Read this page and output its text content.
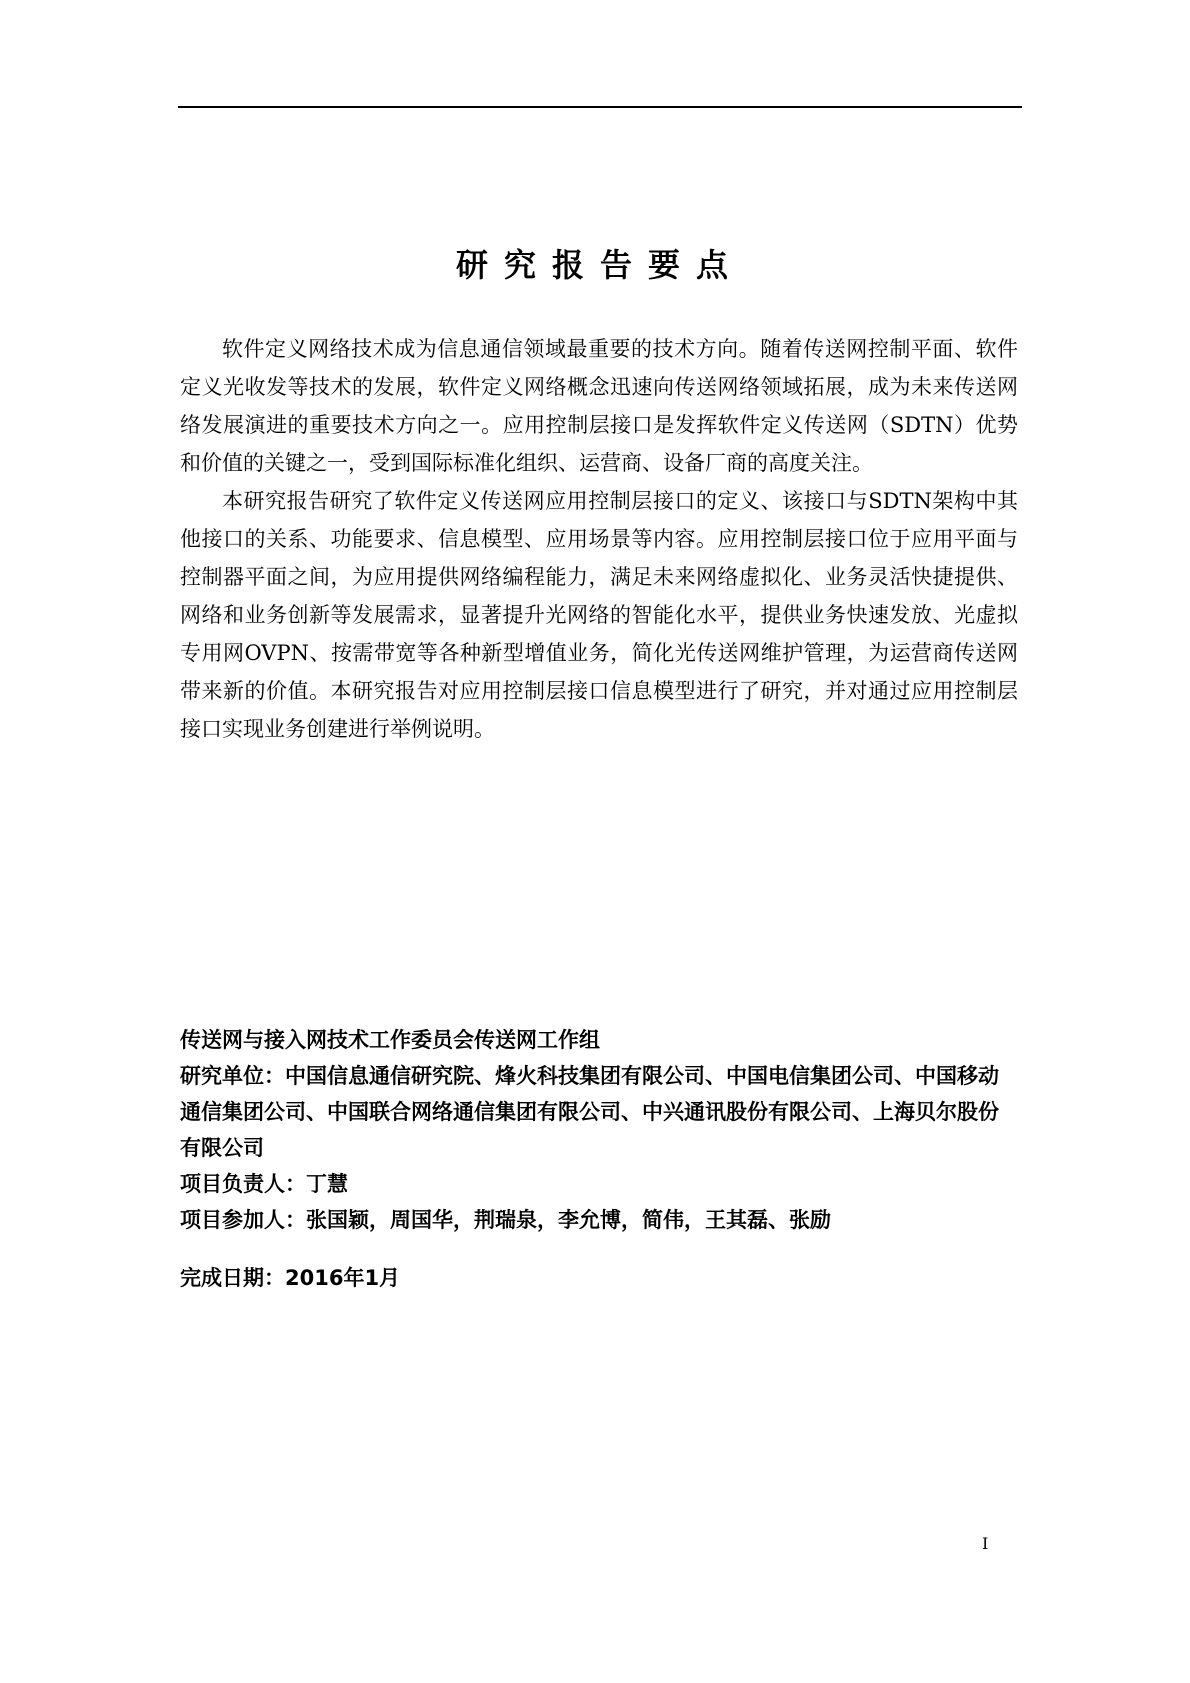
研究报告要点

软件定义网络技术成为信息通信领域最重要的技术方向。随着传送网控制平面、软件定义光收发等技术的发展，软件定义网络概念迅速向传送网络领域拓展，成为未来传送网络发展演进的重要技术方向之一。应用控制层接口是发挥软件定义传送网（SDTN）优势和价值的关键之一，受到国际标准化组织、运营商、设备厂商的高度关注。

本研究报告研究了软件定义传送网应用控制层接口的定义、该接口与SDTN架构中其他接口的关系、功能要求、信息模型、应用场景等内容。应用控制层接口位于应用平面与控制器平面之间，为应用提供网络编程能力，满足未来网络虚拟化、业务灵活快捷提供、网络和业务创新等发展需求，显著提升光网络的智能化水平，提供业务快速发放、光虚拟专用网OVPN、按需带宽等各种新型增值业务，简化光传送网维护管理，为运营商传送网带来新的价值。本研究报告对应用控制层接口信息模型进行了研究，并对通过应用控制层接口实现业务创建进行举例说明。

传送网与接入网技术工作委员会传送网工作组

研究单位：中国信息通信研究院、烽火科技集团有限公司、中国电信集团公司、中国移动通信集团公司、中国联合网络通信集团有限公司、中兴通讯股份有限公司、上海贝尔股份有限公司

项目负责人：丁慧

项目参加人：张国颖，周国华，荆瑞泉，李允博，简伟，王其磊、张励

完成日期：2016年1月

I
